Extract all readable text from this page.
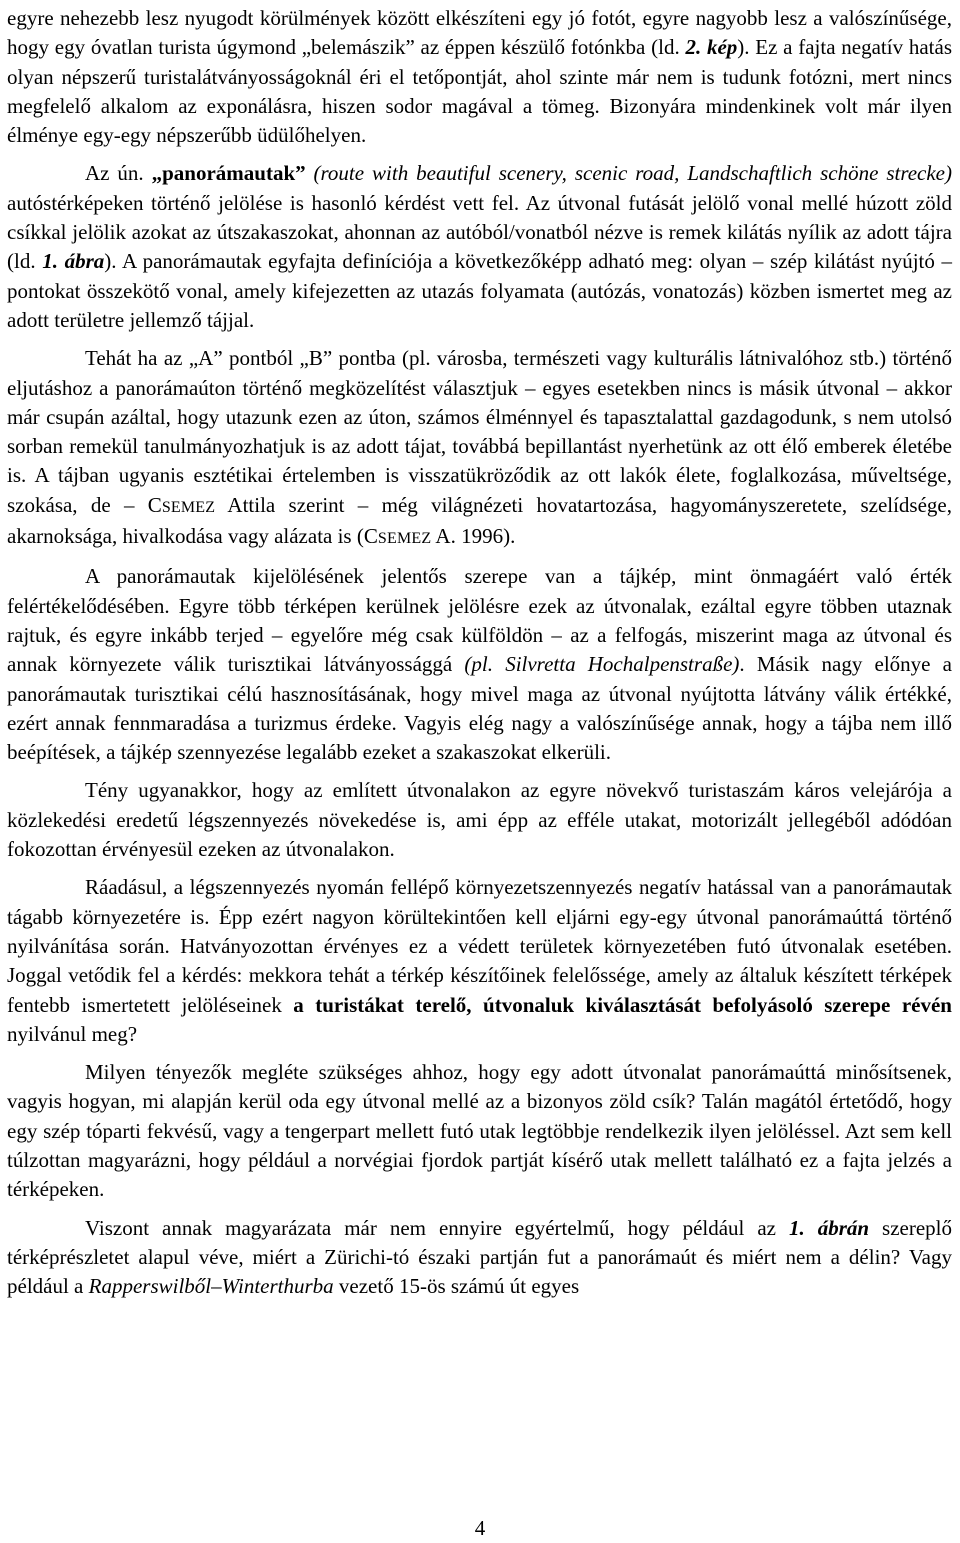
egyre nehezebb lesz nyugodt körülmények között elkészíteni egy jó fotót, egyre nagyobb lesz a valószínűsége, hogy egy óvatlan turista úgymond „belemászik” az éppen készülő fotónkba (ld. 2. kép). Ez a fajta negatív hatás olyan népszerű turistalátványosságoknál éri el tetőpontját, ahol szinte már nem is tudunk fotózni, mert nincs megfelelő alkalom az exponálásra, hiszen sodor magával a tömeg. Bizonyára mindenkinek volt már ilyen élménye egy-egy népszerűbb üdülőhelyen.

Az ún. „panorámautak” (route with beautiful scenery, scenic road, Landschaftlich schöne strecke) autóstérképeken történő jelölése is hasonló kérdést vett fel. Az útvonal futását jelölő vonal mellé húzott zöld csíkkal jelölik azokat az útszakaszokat, ahonnan az autóból/vonatból nézve is remek kilátás nyílik az adott tájra (ld. 1. ábra). A panorámautak egyfajta definíciója a következőképp adható meg: olyan – szép kilátást nyújtó – pontokat összekötő vonal, amely kifejezetten az utazás folyamata (autózás, vonatozás) közben ismertet meg az adott területre jellemző tájjal.

Tehát ha az „A” pontból „B” pontba (pl. városba, természeti vagy kulturális látnivalóhoz stb.) történő eljutáshoz a panorámaúton történő megközelítést választjuk – egyes esetekben nincs is másik útvonal – akkor már csupán azáltal, hogy utazunk ezen az úton, számos élménnyel és tapasztalattal gazdagodunk, s nem utolsó sorban remekül tanulmányozhatjuk is az adott tájat, továbbá bepillantást nyerhetünk az ott élő emberek életébe is. A tájban ugyanis esztétikai értelemben is visszatükröződik az ott lakók élete, foglalkozása, műveltsége, szokása, de – CSEMEZ Attila szerint – még világnézeti hovatartozása, hagyományszeretete, szelídsége, akarnoksága, hivalkodása vagy alázata is (CSEMEZ A. 1996).

A panorámautak kijelölésének jelentős szerepe van a tájkép, mint önmagáért való érték felértékelődésében. Egyre több térképen kerülnek jelölésre ezek az útvonalak, ezáltal egyre többen utaznak rajtuk, és egyre inkább terjed – egyelőre még csak külföldön – az a felfogás, miszerint maga az útvonal és annak környezete válik turisztikai látványossággá (pl. Silvretta Hochalpenstraße). Másik nagy előnye a panorámautak turisztikai célú hasznosításának, hogy mivel maga az útvonal nyújtotta látvány válik értékké, ezért annak fennmaradása a turizmus érdeke. Vagyis elég nagy a valószínűsége annak, hogy a tájba nem illő beépítések, a tájkép szennyezése legalább ezeket a szakaszokat elkerüli.

Tény ugyanakkor, hogy az említett útvonalakon az egyre növekvő turistaszám káros velejárója a közlekedési eredetű légszennyezés növekedése is, ami épp az efféle utakat, motorizált jellegéből adódóan fokozottan érvényesül ezeken az útvonalakon.

Ráadásul, a légszennyezés nyomán fellépő környezetszennyezés negatív hatással van a panorámautak tágabb környezetére is. Épp ezért nagyon körültekintően kell eljárni egy-egy útvonal panorámaúttá történő nyilvánítása során. Hatványozottan érvényes ez a védett területek környezetében futó útvonalak esetében. Joggal vetődik fel a kérdés: mekkora tehát a térkép készítőinek felelőssége, amely az általuk készített térképek fentebb ismertetett jelöléseinek a turistákat terelő, útvonaluk kiválasztását befolyásoló szerepe révén nyilvánul meg?

Milyen tényezők megléte szükséges ahhoz, hogy egy adott útvonalat panorámaúttá minősítsenek, vagyis hogyan, mi alapján kerül oda egy útvonal mellé az a bizonyos zöld csík? Talán magától értetődő, hogy egy szép tóparti fekvésű, vagy a tengerpart mellett futó utak legtöbbje rendelkezik ilyen jelöléssel. Azt sem kell túlzottan magyarázni, hogy például a norvégiai fjordok partját kísérő utak mellett található ez a fajta jelzés a térképeken.

Viszont annak magyarázata már nem ennyire egyértelmű, hogy például az 1. ábrán szereplő térképrészletet alapul véve, miért a Zürichi-tó északi partján fut a panorámaút és miért nem a délin? Vagy például a Rapperswilből–Winterthurba vezető 15-ös számú út egyes

4
